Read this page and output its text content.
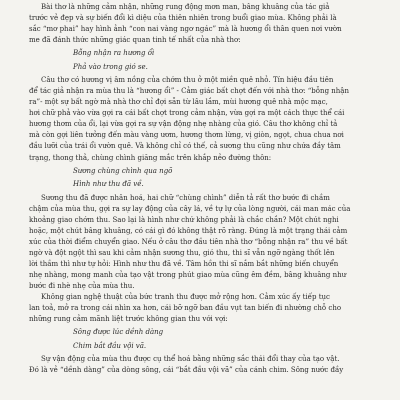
Bài thơ là những cảm nhận, những rung động mơn man, bâng khuâng của tác giả
trước vẻ đẹp và sự biến đổi kì diệu của thiên nhiên trong buổi giao mùa. Không phải là
sắc “mơ phai” hay hình ảnh “con nai vàng ngơ ngác” mà là hương ổi thân quen nơi vườn
me đã đánh thức những giác quan tinh tế nhất của nhà thơ:
Bỗng nhận ra hương ổi
Phả vào trong gió se.
Câu thơ có hương vị âm nồng của chớm thu ở một miền quê nhỏ. Tín hiệu đầu tiên
để tác giả nhận ra mùa thu là “hương ổi” - Cảm giác bất chợt đến với nhà thơ: “bỗng nhận
ra”- một sự bất ngờ mà nhà thơ chỉ đợi sẵn từ lâu lắm, mùi hương quê nhà mộc mạc,
hơi chữ phả vào vừa gợi ra cái bất chợt trong cảm nhận, vừa gợi ra một cách thực thể cái
hương thơm của ổi, lại vừa gợi ra sự vận động nhẹ nhàng của gió. Câu thơ không chỉ tả
mà còn gợi liên tưởng đến màu vàng ươm, hương thơm lừng, vị giòn, ngọt, chua chua nơi
đầu lưỡi của trái ổi vườn quê. Và không chỉ có thế, cả sương thu cũng như chứa đầy tâm
trạng, thong thả, chùng chình giăng mắc trên khắp nẻo đường thôn:
Sương chùng chình qua ngõ
Hình như thu đã về.
Sương thu đã được nhân hoá, hai chữ “chùng chình” diễn tả rất thơ bước đi chầm
chậm của mùa thu, gợi ra sự lay động của cây lá, về tự lự của lòng người, cái man mác của
khoảng giao chớm thu. Sao lại là hình như chứ không phải là chắc chắn? Một chút nghi
hoặc, một chút bâng khuâng, có cái gì đó không thật rõ ràng. Đúng là một trạng thái cảm
xúc của thời điểm chuyển giao. Nếu ở câu thơ đầu tiên nhà thơ “bỗng nhận ra” thu về bất
ngờ và đột ngột thì sau khi cảm nhận sương thu, gió thu, thi sĩ vẫn ngỡ ngàng thốt lên
lời thầm thì như tự hỏi: Hình như thu đã về. Tâm hồn thi sĩ nắm bắt những biến chuyển
nhẹ nhàng, mong manh của tạo vật trong phút giao mùa cũng êm đềm, bâng khuâng như
bước đi nhè nhẹ của mùa thu.
Không gian nghệ thuật của bức tranh thu được mở rộng hơn. Cảm xúc ấy tiếp tục
lan toả, mở ra trong cái nhìn xa hơn, cái bỡ ngỡ ban đầu vụt tan biến đi nhường chỗ cho
những rung cảm mãnh liệt trước không gian thu với vợi:
Sông được lúc dềnh dàng
Chim bắt đầu vội vã.
Sự vận động của mùa thu được cụ thể hoá bằng những sắc thái đổi thay của tạo vật.
Đó là vẻ “dềnh dàng” của dòng sông, cái “bắt đầu vội vã” của cánh chim. Sông nước đầy
